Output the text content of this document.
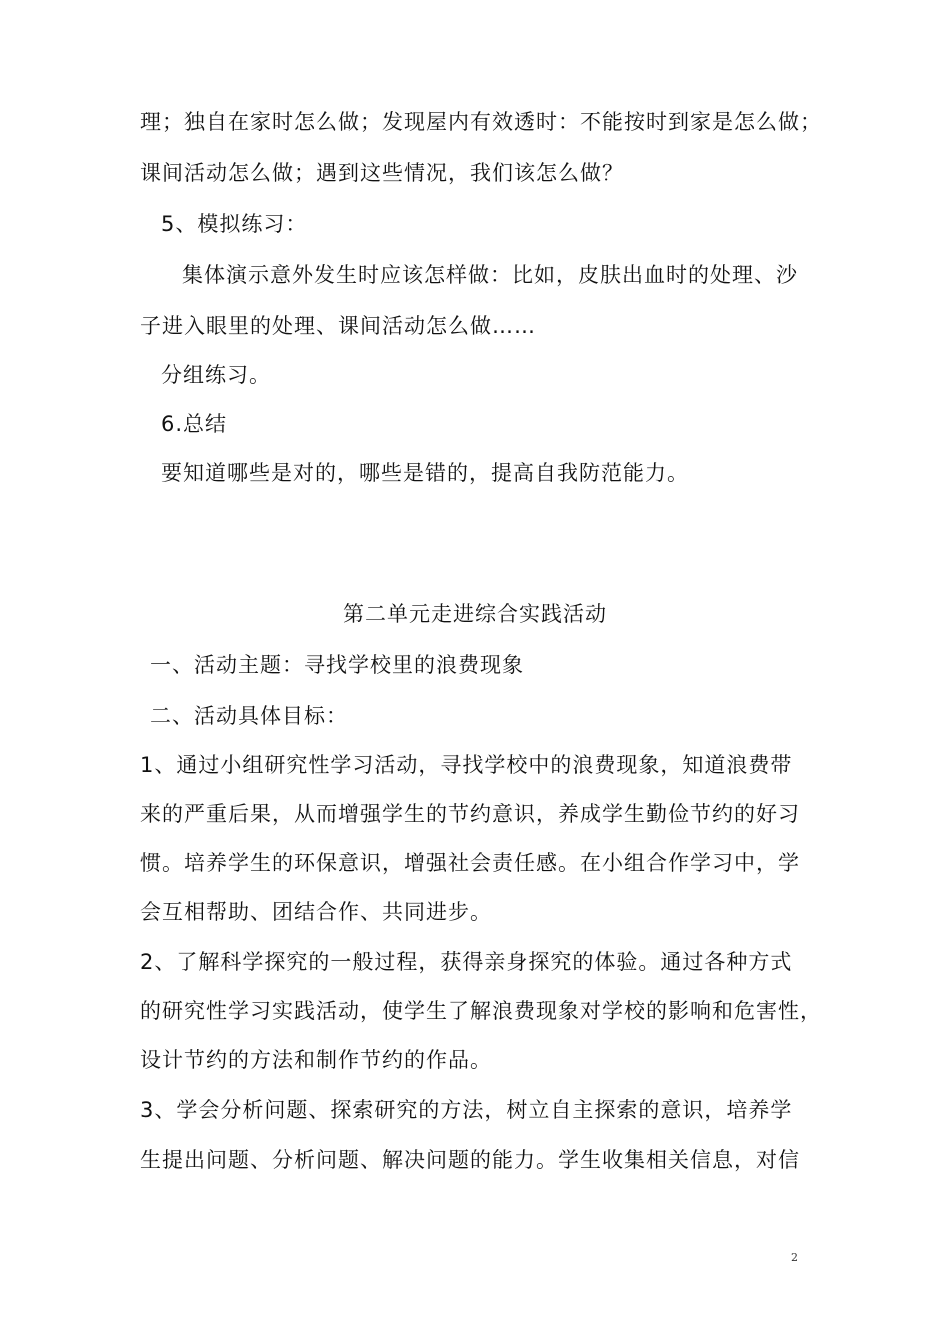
理；独自在家时怎么做；发现屋内有效透时：不能按时到家是怎么做；
课间活动怎么做；遇到这些情况，我们该怎么做？
5、模拟练习：
集体演示意外发生时应该怎样做：比如，皮肤出血时的处理、沙
子进入眼里的处理、课间活动怎么做……
分组练习。
6.总结
要知道哪些是对的，哪些是错的，提高自我防范能力。
第二单元走进综合实践活动
一、活动主题：寻找学校里的浪费现象
二、活动具体目标：
1、通过小组研究性学习活动，寻找学校中的浪费现象，知道浪费带
来的严重后果，从而增强学生的节约意识，养成学生勤俭节约的好习
惯。培养学生的环保意识，增强社会责任感。在小组合作学习中，学
会互相帮助、团结合作、共同进步。
2、了解科学探究的一般过程，获得亲身探究的体验。通过各种方式
的研究性学习实践活动，使学生了解浪费现象对学校的影响和危害性，
设计节约的方法和制作节约的作品。
3、学会分析问题、探索研究的方法，树立自主探索的意识，培养学
生提出问题、分析问题、解决问题的能力。学生收集相关信息，对信
2
